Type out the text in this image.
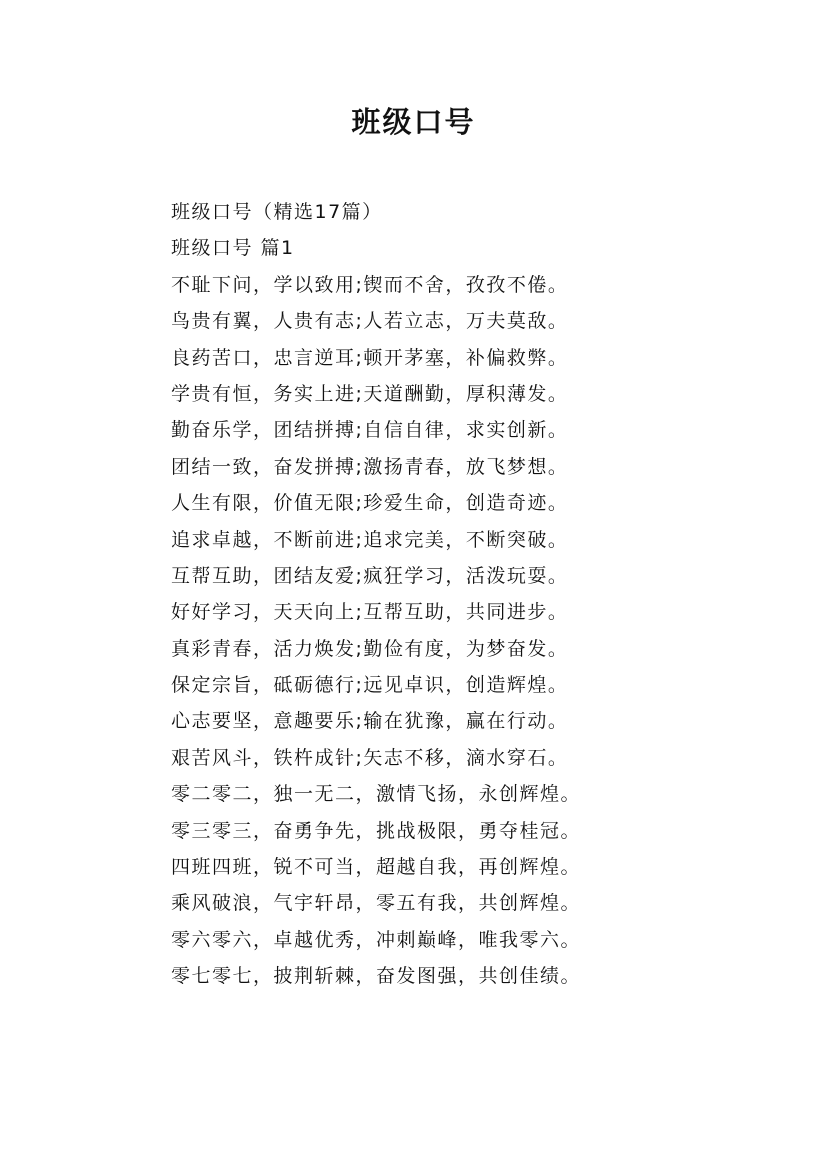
班级口号
班级口号（精选17篇）
班级口号 篇1
不耻下问，学以致用;锲而不舍，孜孜不倦。
鸟贵有翼，人贵有志;人若立志，万夫莫敌。
良药苦口，忠言逆耳;顿开茅塞，补偏救弊。
学贵有恒，务实上进;天道酬勤，厚积薄发。
勤奋乐学，团结拼搏;自信自律，求实创新。
团结一致，奋发拼搏;激扬青春，放飞梦想。
人生有限，价值无限;珍爱生命，创造奇迹。
追求卓越，不断前进;追求完美，不断突破。
互帮互助，团结友爱;疯狂学习，活泼玩耍。
好好学习，天天向上;互帮互助，共同进步。
真彩青春，活力焕发;勤俭有度，为梦奋发。
保定宗旨，砥砺德行;远见卓识，创造辉煌。
心志要坚，意趣要乐;输在犹豫，赢在行动。
艰苦风斗，铁杵成针;矢志不移，滴水穿石。
零二零二，独一无二，激情飞扬，永创辉煌。
零三零三，奋勇争先，挑战极限，勇夺桂冠。
四班四班，锐不可当，超越自我，再创辉煌。
乘风破浪，气宇轩昂，零五有我，共创辉煌。
零六零六，卓越优秀，冲刺巅峰，唯我零六。
零七零七，披荆斩棘，奋发图强，共创佳绩。
